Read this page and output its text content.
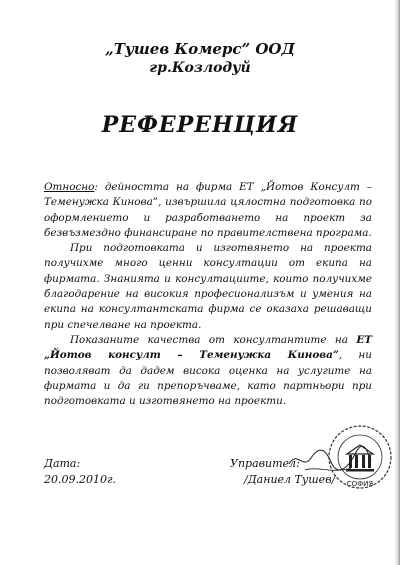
„Тушев Комерс” ООД
гр.Козлодуй
РЕФЕРЕНЦИЯ

Относно: дейността на фирма ЕТ „Йотов Консулт – Теменужка Кинова”, извършила цялостна подготовка по оформлението и разработването на проект за безвъзмездно финансиране по правителствена програма.

При подготовката и изготвянето на проекта получихме много ценни консултации от екипа на фирмата. Знанията и консултациите, които получихме благодарение на високия професионализъм и умения на екипа на консултантската фирма се оказаха решаващи при спечелване на проекта.

Показаните качества от консултантите на ЕТ „Йотов консулт – Теменужка Кинова”, ни позволяват да дадем висока оценка на услугите на фирмата и да ги препоръчваме, като партньори при подготовката и изготвянето на проекти.

Дата:
20.09.2010г.
Управител:
/Даниел Тушев/ СОФИЯ
